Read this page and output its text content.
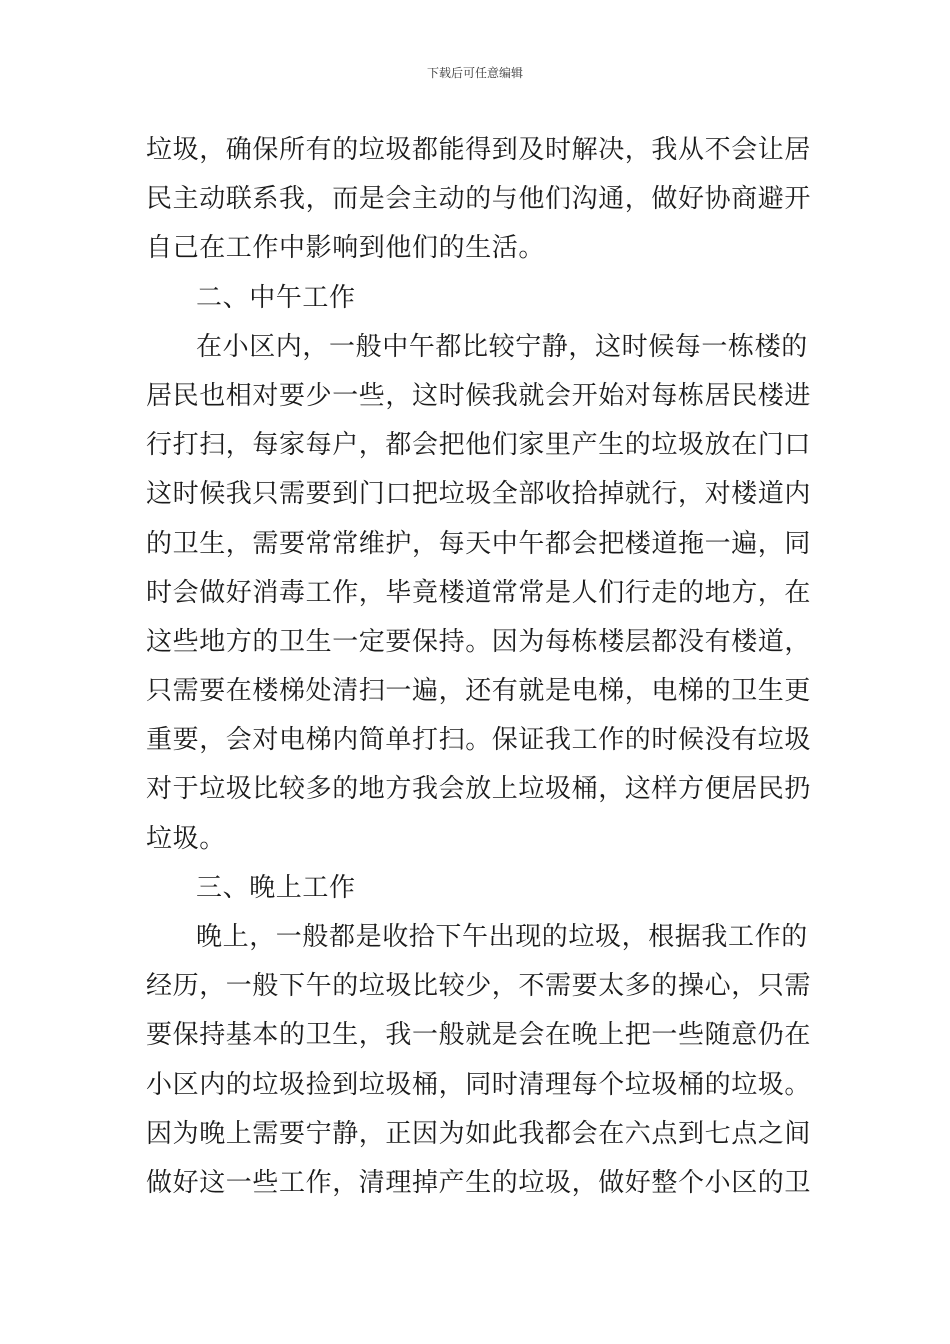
下载后可任意编辑
垃圾，确保所有的垃圾都能得到及时解决，我从不会让居
民主动联系我，而是会主动的与他们沟通，做好协商避开
自己在工作中影响到他们的生活。
二、中午工作
在小区内，一般中午都比较宁静，这时候每一栋楼的
居民也相对要少一些，这时候我就会开始对每栋居民楼进
行打扫，每家每户，都会把他们家里产生的垃圾放在门口
这时候我只需要到门口把垃圾全部收拾掉就行，对楼道内
的卫生，需要常常维护，每天中午都会把楼道拖一遍，同
时会做好消毒工作，毕竟楼道常常是人们行走的地方，在
这些地方的卫生一定要保持。因为每栋楼层都没有楼道，
只需要在楼梯处清扫一遍，还有就是电梯，电梯的卫生更
重要，会对电梯内简单打扫。保证我工作的时候没有垃圾
对于垃圾比较多的地方我会放上垃圾桶，这样方便居民扔
垃圾。
三、晚上工作
晚上，一般都是收拾下午出现的垃圾，根据我工作的
经历，一般下午的垃圾比较少，不需要太多的操心，只需
要保持基本的卫生，我一般就是会在晚上把一些随意仍在
小区内的垃圾捡到垃圾桶，同时清理每个垃圾桶的垃圾。
因为晚上需要宁静，正因为如此我都会在六点到七点之间
做好这一些工作，清理掉产生的垃圾，做好整个小区的卫
